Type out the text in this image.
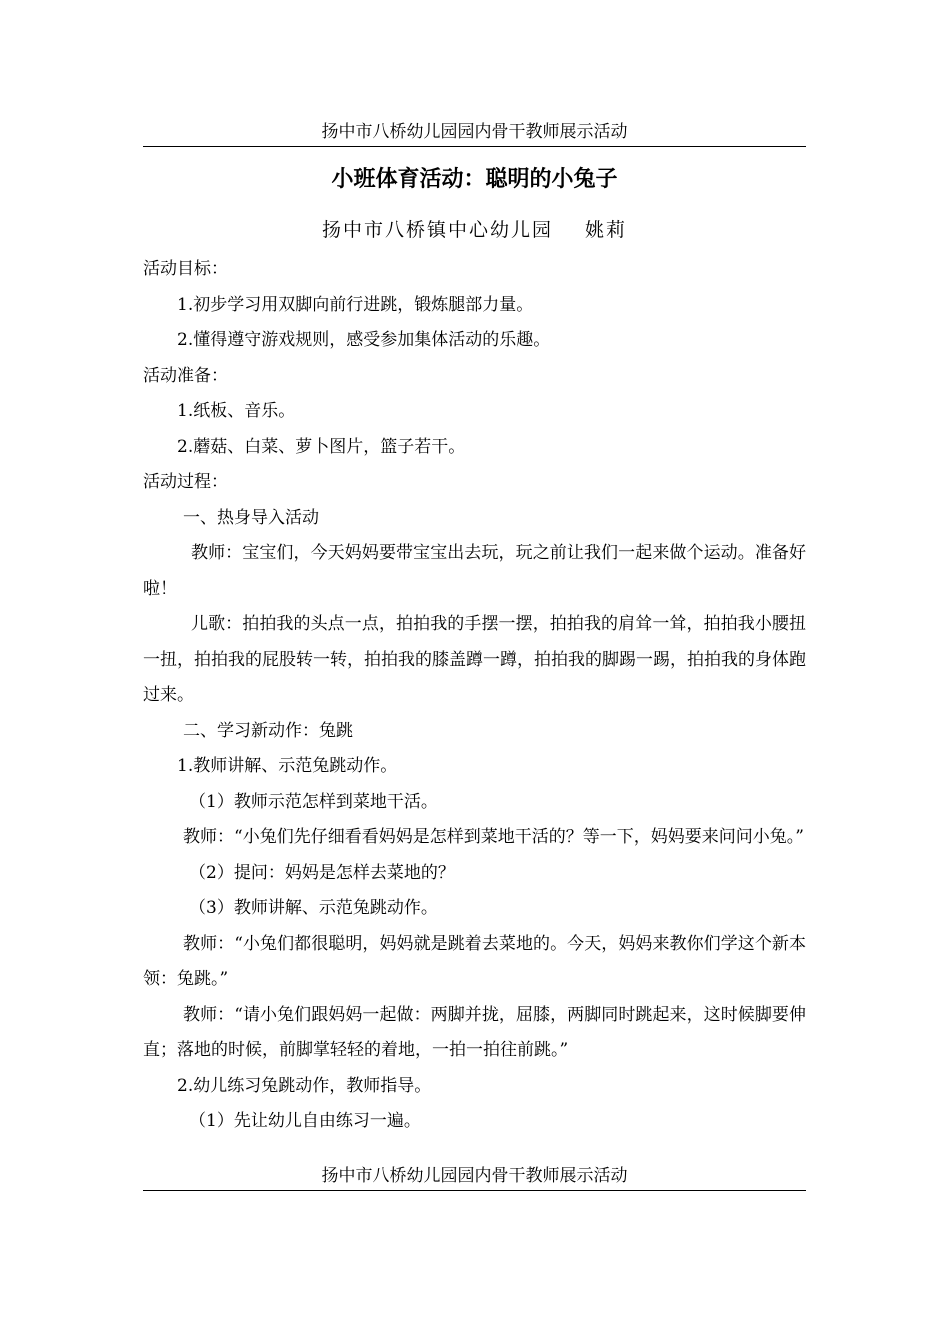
扬中市八桥幼儿园园内骨干教师展示活动
小班体育活动：聪明的小兔子
扬中市八桥镇中心幼儿园 姚莉

活动目标：

1.初步学习用双脚向前行进跳，锻炼腿部力量。

2.懂得遵守游戏规则，感受参加集体活动的乐趣。

活动准备：

1.纸板、音乐。

2.蘑菇、白菜、萝卜图片，篮子若干。

活动过程：

一、热身导入活动

教师：宝宝们，今天妈妈要带宝宝出去玩，玩之前让我们一起来做个运动。准备好啦！

儿歌：拍拍我的头点一点，拍拍我的手摆一摆，拍拍我的肩耸一耸，拍拍我小腰扭一扭，拍拍我的屁股转一转，拍拍我的膝盖蹲一蹲，拍拍我的脚踢一踢，拍拍我的身体跑过来。

二、学习新动作：兔跳

1.教师讲解、示范兔跳动作。

（1）教师示范怎样到菜地干活。

教师：“小兔们先仔细看看妈妈是怎样到菜地干活的？等一下，妈妈要来问问小兔。”

（2）提问：妈妈是怎样去菜地的？

（3）教师讲解、示范兔跳动作。

教师：“小兔们都很聪明，妈妈就是跳着去菜地的。今天，妈妈来教你们学这个新本领：兔跳。”

教师：“请小兔们跟妈妈一起做：两脚并拢，屈膝，两脚同时跳起来，这时候脚要伸直；落地的时候，前脚掌轻轻的着地，一拍一拍往前跳。”

2.幼儿练习兔跳动作，教师指导。

（1）先让幼儿自由练习一遍。

扬中市八桥幼儿园园内骨干教师展示活动
